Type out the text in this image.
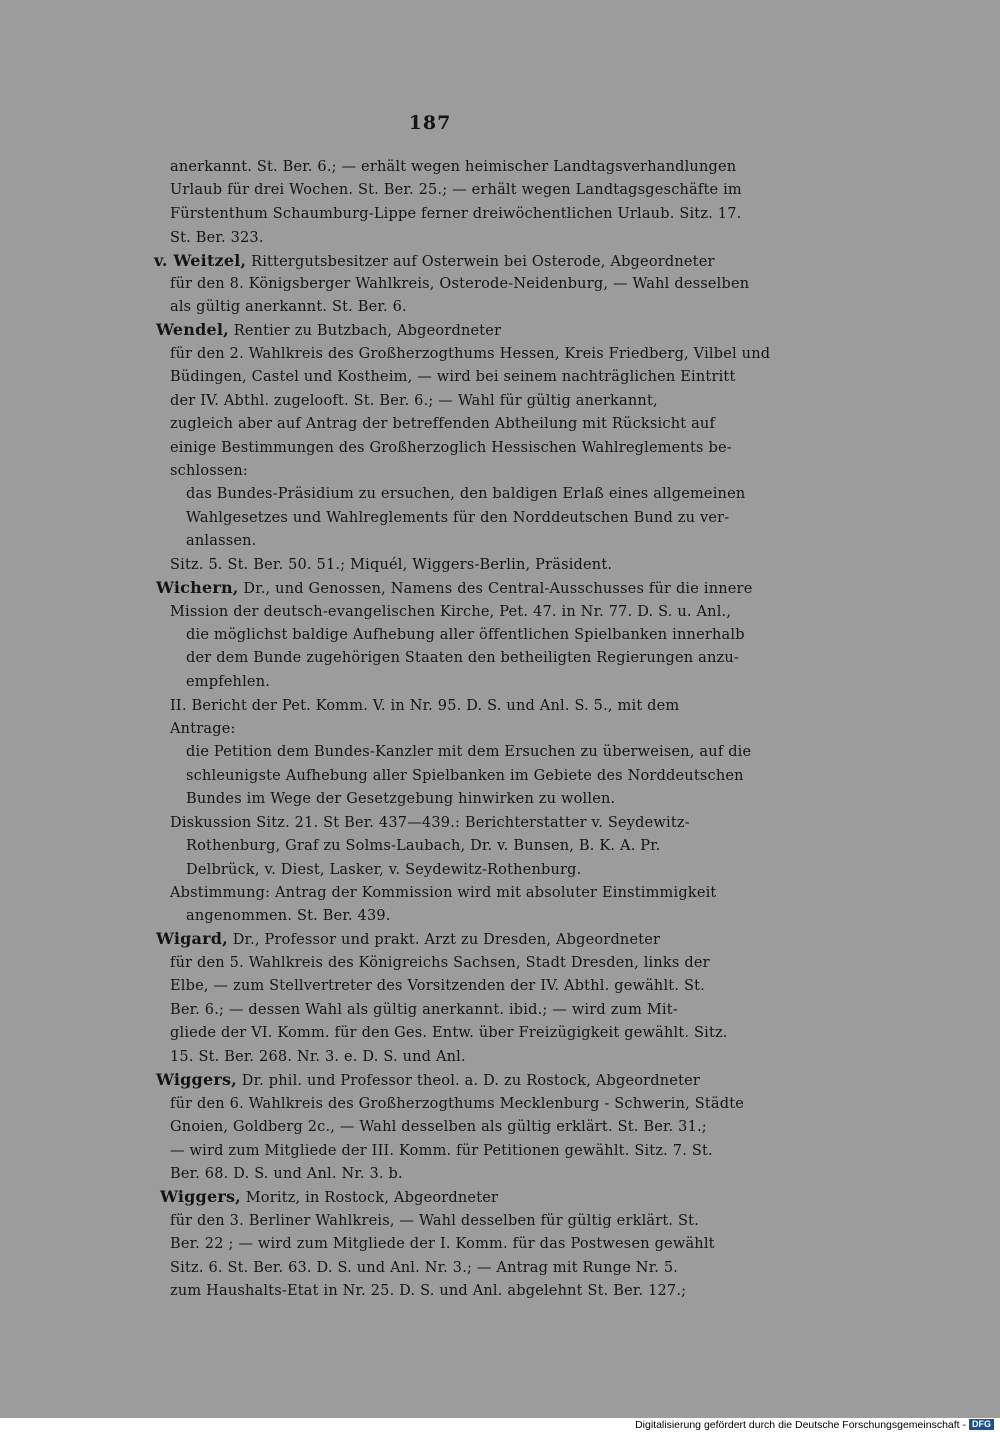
187
anerkannt. St. Ber. 6.; — erhält wegen heimischer Landtagsverhandlungen
Urlaub für drei Wochen. St. Ber. 25.; — erhält wegen Landtagsgeschäfte im
Fürstenthum Schaumburg-Lippe ferner dreiwöchentlichen Urlaub. Sitz. 17.
St. Ber. 323.
v. Weitzel, Rittergutsbesitzer auf Osterwein bei Osterode, Abgeordneter
für den 8. Königsberger Wahlkreis, Osterode-Neidenburg, — Wahl desselben
als gültig anerkannt. St. Ber. 6.
Wendel, Rentier zu Butzbach, Abgeordneter
für den 2. Wahlkreis des Großherzogthums Hessen, Kreis Friedberg, Vilbel und
Büdingen, Castel und Kostheim, — wird bei seinem nachträglichen Eintritt
der IV. Abthl. zugelooft. St. Ber. 6.; — Wahl für gültig anerkannt,
zugleich aber auf Antrag der betreffenden Abtheilung mit Rücksicht auf
einige Bestimmungen des Großherzoglich Hessischen Wahlreglements be-
schlossen:
das Bundes-Präsidium zu ersuchen, den baldigen Erlaß eines allgemeinen
Wahlgesetzes und Wahlreglements für den Norddeutschen Bund zu ver-
anlassen.
Sitz. 5. St. Ber. 50. 51.; Miquél, Wiggers-Berlin, Präsident.
Wichern, Dr., und Genossen, Namens des Central-Ausschusses für die innere
Mission der deutsch-evangelischen Kirche, Pet. 47. in Nr. 77. D. S. u. Anl.,
die möglichst baldige Aufhebung aller öffentlichen Spielbanken innerhalb
der dem Bunde zugehörigen Staaten den betheiligten Regierungen anzu-
empfehlen.
II. Bericht der Pet. Komm. V. in Nr. 95. D. S. und Anl. S. 5., mit dem
Antrage:
die Petition dem Bundes-Kanzler mit dem Ersuchen zu überweisen, auf die
schleunigste Aufhebung aller Spielbanken im Gebiete des Norddeutschen
Bundes im Wege der Gesetzgebung hinwirken zu wollen.
Diskussion Sitz. 21. St Ber. 437—439.: Berichterstatter v. Seydewitz-
Rothenburg, Graf zu Solms-Laubach, Dr. v. Bunsen, B. K. A. Pr.
Delbrück, v. Diest, Lasker, v. Seydewitz-Rothenburg.
Abstimmung: Antrag der Kommission wird mit absoluter Einstimmigkeit
angenommen. St. Ber. 439.
Wigard, Dr., Professor und prakt. Arzt zu Dresden, Abgeordneter
für den 5. Wahlkreis des Königreichs Sachsen, Stadt Dresden, links der
Elbe, — zum Stellvertreter des Vorsitzenden der IV. Abthl. gewählt. St.
Ber. 6.; — dessen Wahl als gültig anerkannt. ibid.; — wird zum Mit-
gliede der VI. Komm. für den Ges. Entw. über Freizügigkeit gewählt. Sitz.
15. St. Ber. 268. Nr. 3. e. D. S. und Anl.
Wiggers, Dr. phil. und Professor theol. a. D. zu Rostock, Abgeordneter
für den 6. Wahlkreis des Großherzogthums Mecklenburg - Schwerin, Städte
Gnoien, Goldberg 2c., — Wahl desselben als gültig erklärt. St. Ber. 31.;
— wird zum Mitgliede der III. Komm. für Petitionen gewählt. Sitz. 7. St.
Ber. 68. D. S. und Anl. Nr. 3. b.
Wiggers, Moritz, in Rostock, Abgeordneter
für den 3. Berliner Wahlkreis, — Wahl desselben für gültig erklärt. St.
Ber. 22 ; — wird zum Mitgliede der I. Komm. für das Postwesen gewählt
Sitz. 6. St. Ber. 63. D. S. und Anl. Nr. 3.; — Antrag mit Runge Nr. 5.
zum Haushalts-Etat in Nr. 25. D. S. und Anl. abgelehnt St. Ber. 127.;
Digitalisierung gefördert durch die Deutsche Forschungsgemeinschaft - DFG
